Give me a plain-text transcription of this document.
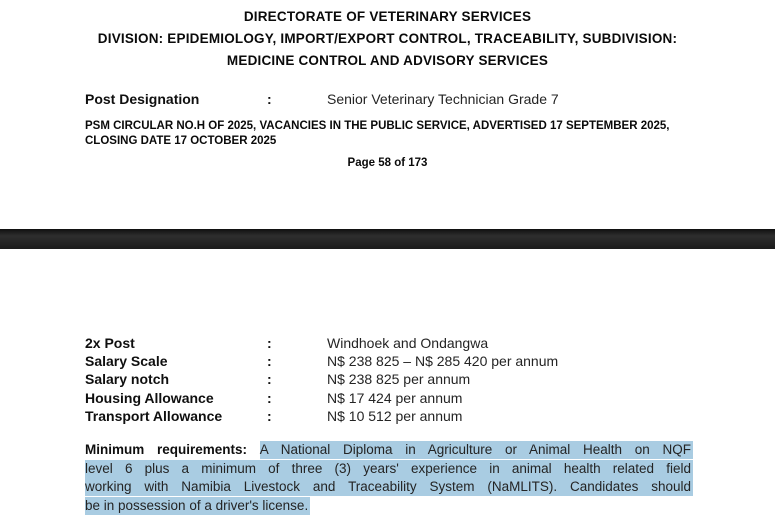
DIRECTORATE OF VETERINARY SERVICES
DIVISION: EPIDEMIOLOGY, IMPORT/EXPORT CONTROL, TRACEABILITY, SUBDIVISION:
MEDICINE CONTROL AND ADVISORY SERVICES
Post Designation	:	Senior Veterinary Technician Grade 7
PSM CIRCULAR NO.H OF 2025, VACANCIES IN THE PUBLIC SERVICE, ADVERTISED 17 SEPTEMBER 2025, CLOSING DATE 17 OCTOBER 2025
Page 58 of 173
2x Post	:	Windhoek and Ondangwa
Salary Scale	:	N$ 238 825 – N$ 285 420 per annum
Salary notch	:	N$ 238 825 per annum
Housing Allowance	:	N$ 17 424 per annum
Transport Allowance	:	N$ 10 512 per annum
Minimum requirements: A National Diploma in Agriculture or Animal Health on NQF
level 6 plus a minimum of three (3) years' experience in animal health related field
working with Namibia Livestock and Traceability System (NaMLITS). Candidates should
be in possession of a driver's license.
